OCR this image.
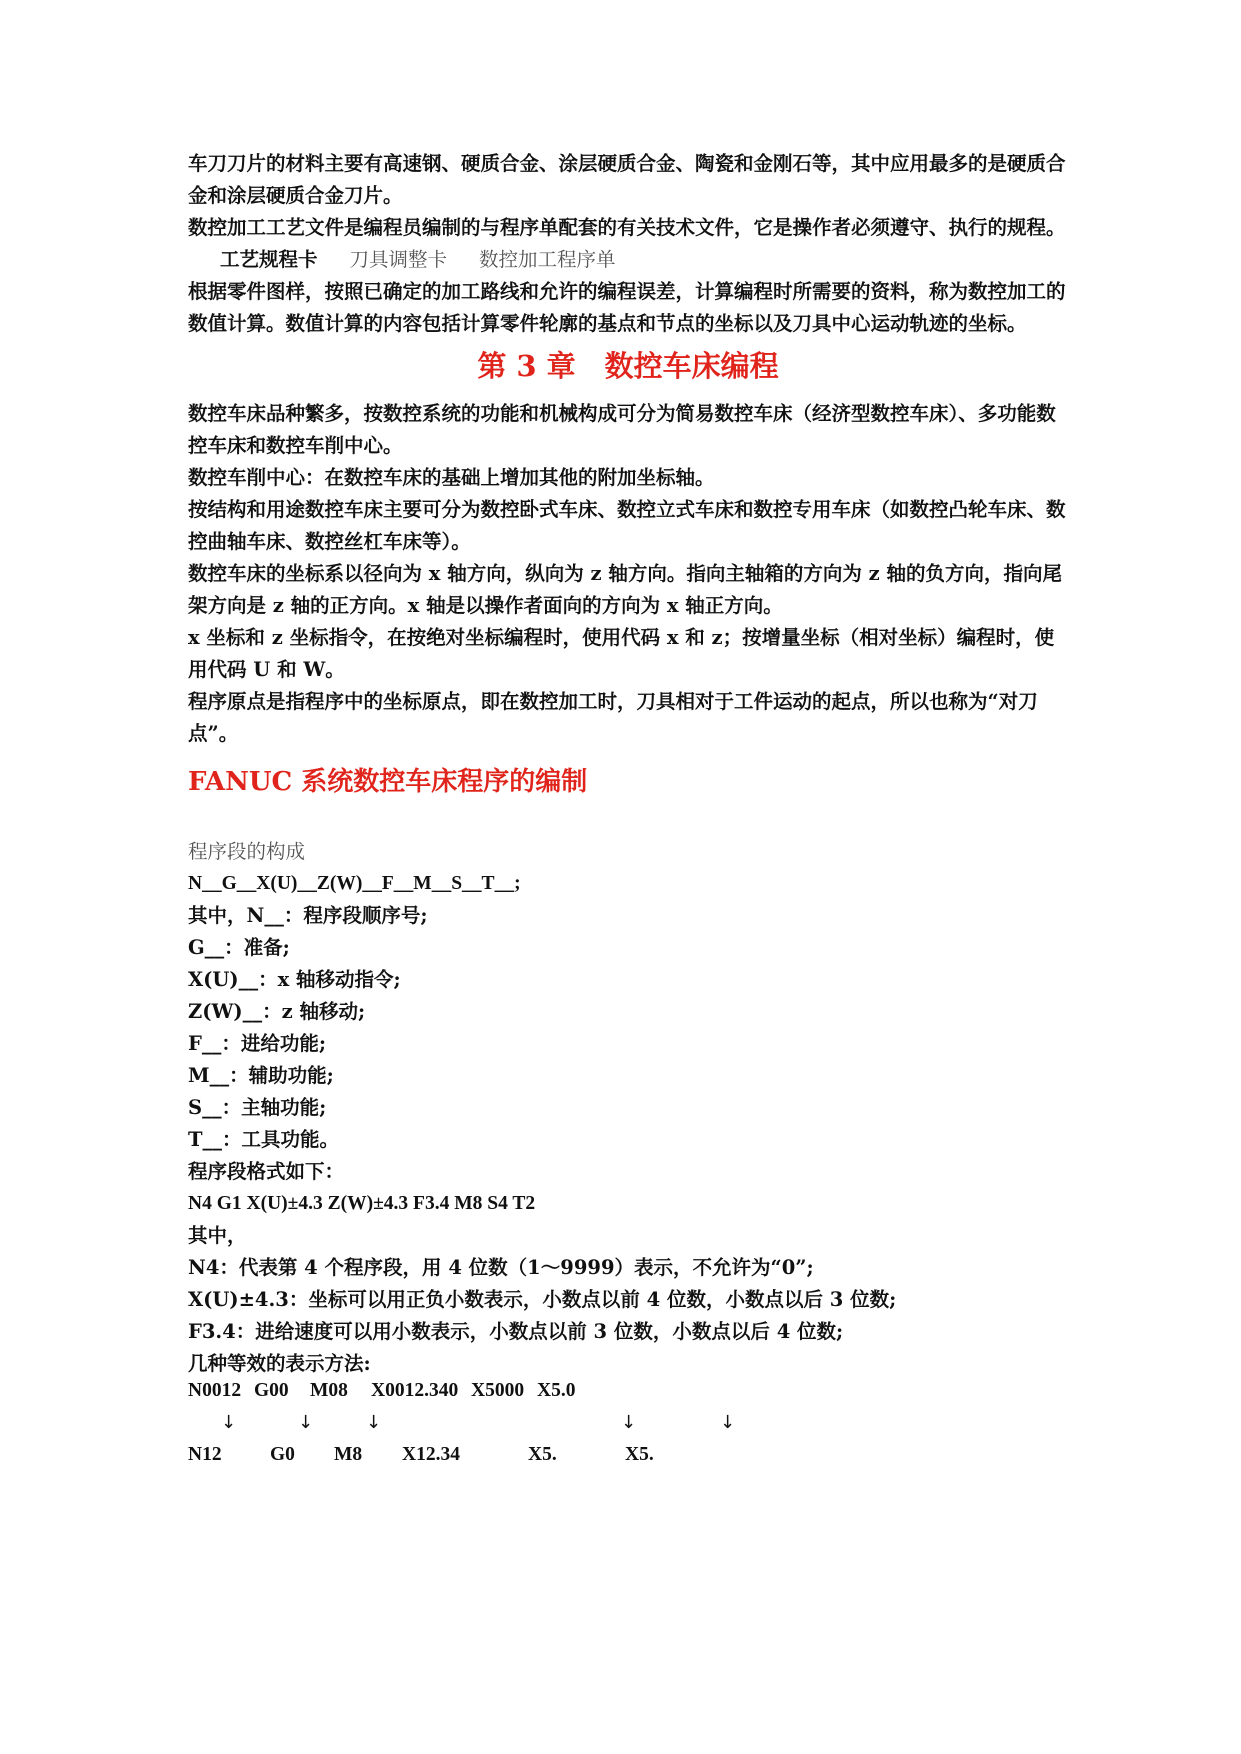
车刀刀片的材料主要有高速钢、硬质合金、涂层硬质合金、陶瓷和金刚石等，其中应用最多的是硬质合金和涂层硬质合金刀片。

数控加工工艺文件是编程员编制的与程序单配套的有关技术文件，它是操作者必须遵守、执行的规程。工艺规程卡 刀具调整卡 数控加工程序单

根据零件图样，按照已确定的加工路线和允许的编程误差，计算编程时所需要的资料，称为数控加工的数值计算。数值计算的内容包括计算零件轮廓的基点和节点的坐标以及刀具中心运动轨迹的坐标。

第 3 章　数控车床编程

数控车床品种繁多，按数控系统的功能和机械构成可分为简易数控车床（经济型数控车床）、多功能数控车床和数控车削中心。

数控车削中心：在数控车床的基础上增加其他的附加坐标轴。

按结构和用途数控车床主要可分为数控卧式车床、数控立式车床和数控专用车床（如数控凸轮车床、数控曲轴车床、数控丝杠车床等）。

数控车床的坐标系以径向为 x 轴方向，纵向为 z 轴方向。指向主轴箱的方向为 z 轴的负方向，指向尾架方向是 z 轴的正方向。x 轴是以操作者面向的方向为 x 轴正方向。

x 坐标和 z 坐标指令，在按绝对坐标编程时，使用代码 x 和 z；按增量坐标（相对坐标）编程时，使用代码 U 和 W。

程序原点是指程序中的坐标原点，即在数控加工时，刀具相对于工件运动的起点，所以也称为“对刀点”。

FANUC 系统数控车床程序的编制
程序段的构成
N__G__X(U)__Z(W)__F__M__S__T__;

其中，N__：程序段顺序号;

G__：准备;

X(U)__：x 轴移动指令;

Z(W)__：z 轴移动;

F__：进给功能;

M__：辅助功能;

S__：主轴功能;

T__：工具功能。

程序段格式如下：

N4 G1 X(U)±4.3 Z(W)±4.3 F3.4 M8 S4 T2

其中，

N4：代表第 4 个程序段，用 4 位数（1～9999）表示，不允许为“0”;

X(U)±4.3：坐标可以用正负小数表示，小数点以前 4 位数，小数点以后 3 位数;

F3.4：进给速度可以用小数表示，小数点以前 3 位数，小数点以后 4 位数;

几种等效的表示方法:

N0012 G00 M08 X0012.340 X5000 X5.0
↓	↓	↓	↓	↓
N12 G0 M8 X12.34	X5.	X5.
